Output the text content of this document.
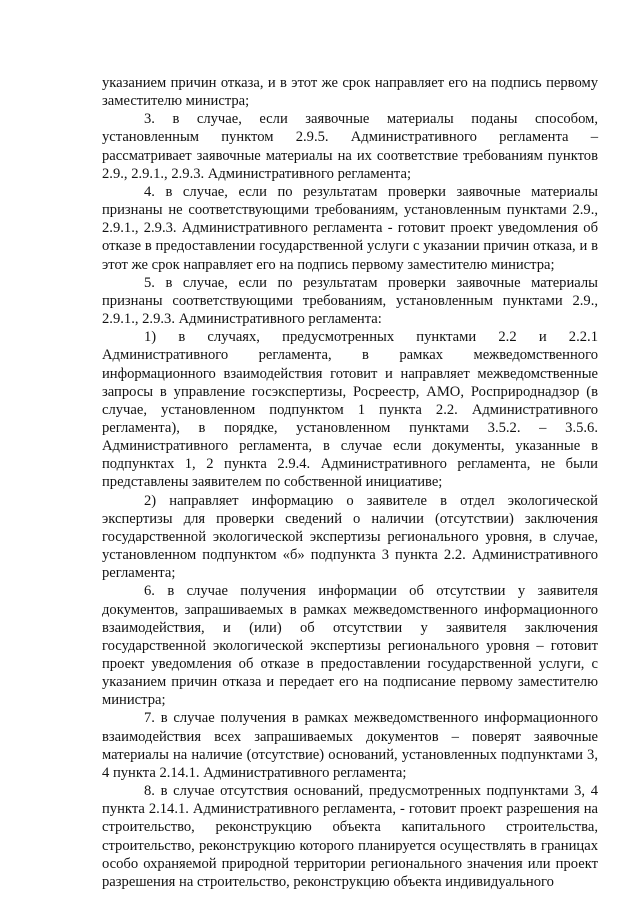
указанием причин отказа, и в этот же срок направляет его на подпись первому заместителю министра;

3. в случае, если заявочные материалы поданы способом, установленным пунктом 2.9.5. Административного регламента – рассматривает заявочные материалы на их соответствие требованиям пунктов 2.9., 2.9.1., 2.9.3. Административного регламента;

4. в случае, если по результатам проверки заявочные материалы признаны не соответствующими требованиям, установленным пунктами 2.9., 2.9.1., 2.9.3. Административного регламента - готовит проект уведомления об отказе в предоставлении государственной услуги с указании причин отказа, и в этот же срок направляет его на подпись первому заместителю министра;

5. в случае, если по результатам проверки заявочные материалы признаны соответствующими требованиям, установленным пунктами 2.9., 2.9.1., 2.9.3. Административного регламента:

1) в случаях, предусмотренных пунктами 2.2 и 2.2.1 Административного регламента, в рамках межведомственного информационного взаимодействия готовит и направляет межведомственные запросы в управление госэкспертизы, Росреестр, АМО, Росприроднадзор (в случае, установленном подпунктом 1 пункта 2.2. Административного регламента), в порядке, установленном пунктами 3.5.2. – 3.5.6. Административного регламента, в случае если документы, указанные в подпунктах 1, 2 пункта 2.9.4. Административного регламента, не были представлены заявителем по собственной инициативе;

2) направляет информацию о заявителе в отдел экологической экспертизы для проверки сведений о наличии (отсутствии) заключения государственной экологической экспертизы регионального уровня, в случае, установленном подпунктом «б» подпункта 3 пункта 2.2. Административного регламента;

6. в случае получения информации об отсутствии у заявителя документов, запрашиваемых в рамках межведомственного информационного взаимодействия, и (или) об отсутствии у заявителя заключения государственной экологической экспертизы регионального уровня – готовит проект уведомления об отказе в предоставлении государственной услуги, с указанием причин отказа и передает его на подписание первому заместителю министра;

7. в случае получения в рамках межведомственного информационного взаимодействия всех запрашиваемых документов – поверят заявочные материалы на наличие (отсутствие) оснований, установленных подпунктами 3, 4 пункта 2.14.1. Административного регламента;

8. в случае отсутствия оснований, предусмотренных подпунктами 3, 4 пункта 2.14.1. Административного регламента, - готовит проект разрешения на строительство, реконструкцию объекта капитального строительства, строительство, реконструкцию которого планируется осуществлять в границах особо охраняемой природной территории регионального значения или проект разрешения на строительство, реконструкцию объекта индивидуального
